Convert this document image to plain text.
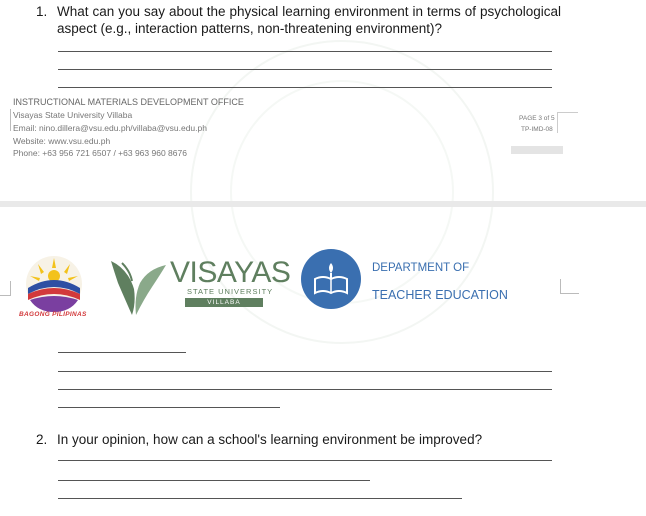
1. What can you say about the physical learning environment in terms of psychological aspect (e.g., interaction patterns, non-threatening environment)?
INSTRUCTIONAL MATERIALS DEVELOPMENT OFFICE
Visayas State University Villaba
Email: nino.dillera@vsu.edu.ph/villaba@vsu.edu.ph
Website: www.vsu.edu.ph
Phone: +63 956 721 6507 / +63 963 960 8676
PAGE 3 of 5
TP-IMD-08
BAGONG PILIPINAS
VISAYAS
STATE UNIVERSITY
VILLABA
DEPARTMENT OF
TEACHER EDUCATION
2. In your opinion, how can a school's learning environment be improved?
